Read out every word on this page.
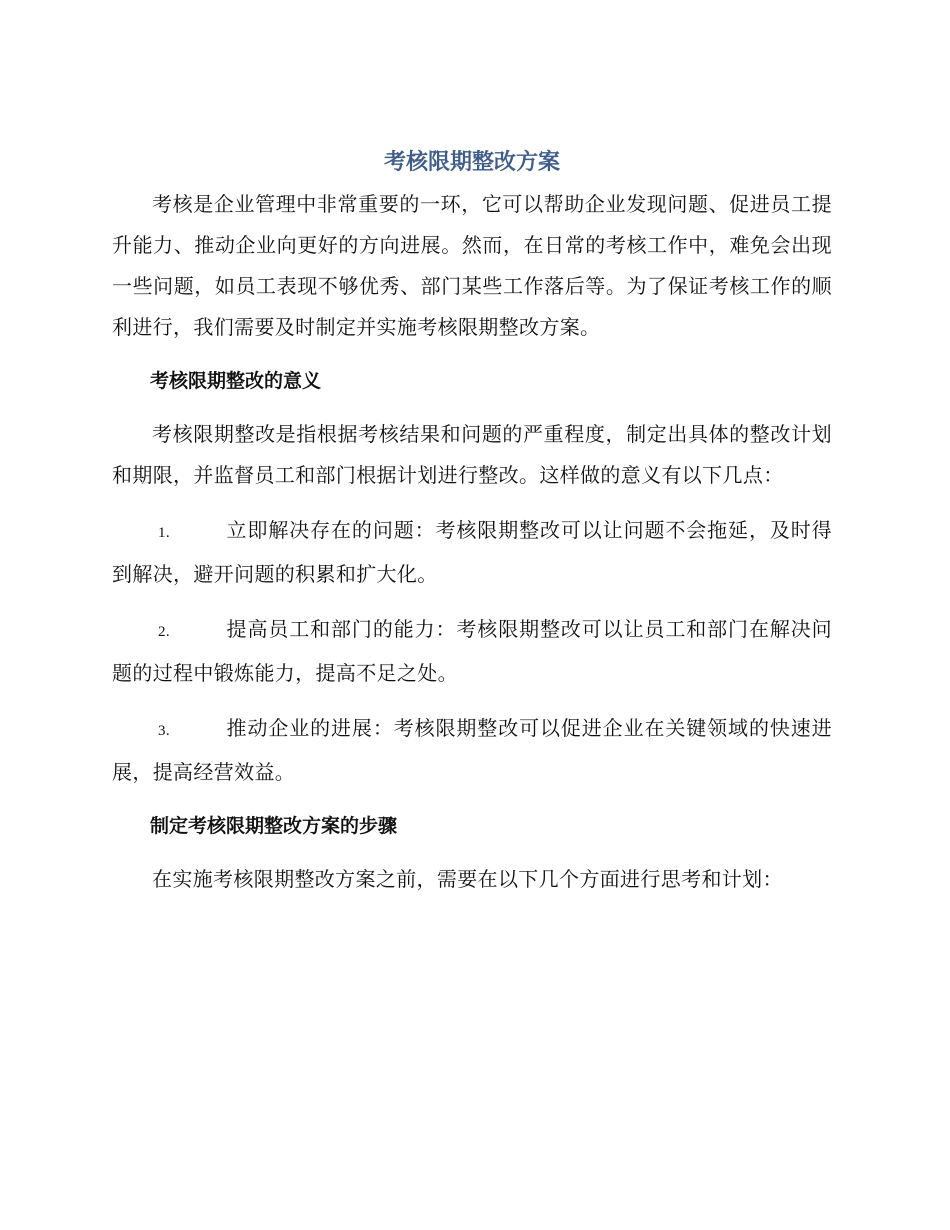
考核限期整改方案

考核是企业管理中非常重要的一环，它可以帮助企业发现问题、促进员工提升能力、推动企业向更好的方向进展。然而，在日常的考核工作中，难免会出现一些问题，如员工表现不够优秀、部门某些工作落后等。为了保证考核工作的顺利进行，我们需要及时制定并实施考核限期整改方案。

考核限期整改的意义

考核限期整改是指根据考核结果和问题的严重程度，制定出具体的整改计划和期限，并监督员工和部门根据计划进行整改。这样做的意义有以下几点：

1.	立即解决存在的问题：考核限期整改可以让问题不会拖延，及时得到解决，避开问题的积累和扩大化。

2.	提高员工和部门的能力：考核限期整改可以让员工和部门在解决问题的过程中锻炼能力，提高不足之处。

3.	推动企业的进展：考核限期整改可以促进企业在关键领域的快速进展，提高经营效益。

制定考核限期整改方案的步骤

在实施考核限期整改方案之前，需要在以下几个方面进行思考和计划：
